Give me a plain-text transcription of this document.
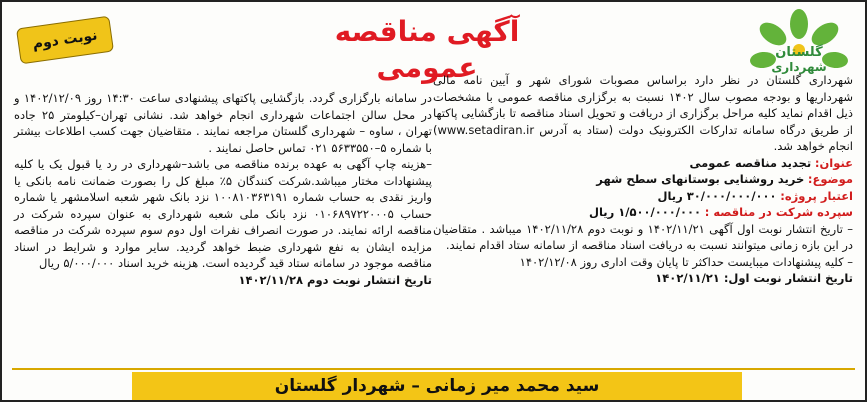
گلستان
شهرداری
آگهی مناقصه عمومی
نوبت دوم

شهرداری گلستان در نظر دارد براساس مصوبات شورای شهر و آیین نامه مالی شهرداریها و بودجه مصوب سال ۱۴۰۲ نسبت به برگزاری مناقصه عمومی با مشخصات ذیل اقدام نماید کلیه مراحل برگزاری از دریافت و تحویل اسناد مناقصه تا بازگشایی پاکتها از طریق درگاه سامانه تدارکات الکترونیک دولت (ستاد به آدرس www.setadiran.ir) انجام خواهد شد.

عنوان: تجدید مناقصه عمومی

موضوع: خرید روشنایی بوستانهای سطح شهر

اعتبار پروژه: ۳۰/۰۰۰/۰۰۰/۰۰۰ ریال

سپرده شرکت در مناقصه : ۱/۵۰۰/۰۰۰/۰۰۰ ریال

– تاریخ انتشار نوبت اول آگهی ۱۴۰۲/۱۱/۲۱ و نوبت دوم ۱۴۰۲/۱۱/۲۸ میباشد . متقاضیان در این بازه زمانی میتوانند نسبت به دریافت اسناد مناقصه از سامانه ستاد اقدام نمایند.

– کلیه پیشنهادات میبایست حداکثر تا پایان وقت اداری روز ۱۴۰۲/۱۲/۰۸

تاریخ انتشار نوبت اول: ۱۴۰۲/۱۱/۲۱

در سامانه بارگزاری گردد. بازگشایی پاکتهای پیشنهادی ساعت ۱۴:۳۰ روز ۱۴۰۲/۱۲/۰۹ و در محل سالن اجتماعات شهرداری انجام خواهد شد. نشانی تهران–کیلومتر ۲۵ جاده تهران ، ساوه – شهرداری گلستان مراجعه نمایند . متقاضیان جهت کسب اطلاعات بیشتر با شماره ۵–۵۶۳۳۵۵۰ ۰۲۱ تماس حاصل نمایند .

–هزینه چاپ آگهی به عهده برنده مناقصه می باشد–شهرداری در رد یا قبول یک یا کلیه پیشنهادات مختار میباشد.شرکت کنندگان ۵٪ مبلغ کل را بصورت ضمانت نامه بانکی یا واریز نقدی به حساب شماره ۱۰۰۸۱۰۳۶۳۱۹۱ نزد بانک شهر شعبه اسلامشهر یا شماره حساب ۰۱۰۶۸۹۷۲۲۰۰۰۵ نزد بانک ملی شعبه شهرداری به عنوان سپرده شرکت در مناقصه ارائه نمایند. در صورت انصراف نفرات اول دوم سوم سپرده شرکت در مناقصه مزایده ایشان به نفع شهرداری ضبط خواهد گردید. سایر موارد و شرایط در اسناد مناقصه موجود در سامانه ستاد قید گردیده است. هزینه خرید اسناد ۵/۰۰۰/۰۰۰ ریال

تاریخ انتشار نوبت دوم ۱۴۰۲/۱۱/۲۸

سید محمد میر زمانی – شهردار گلستان
